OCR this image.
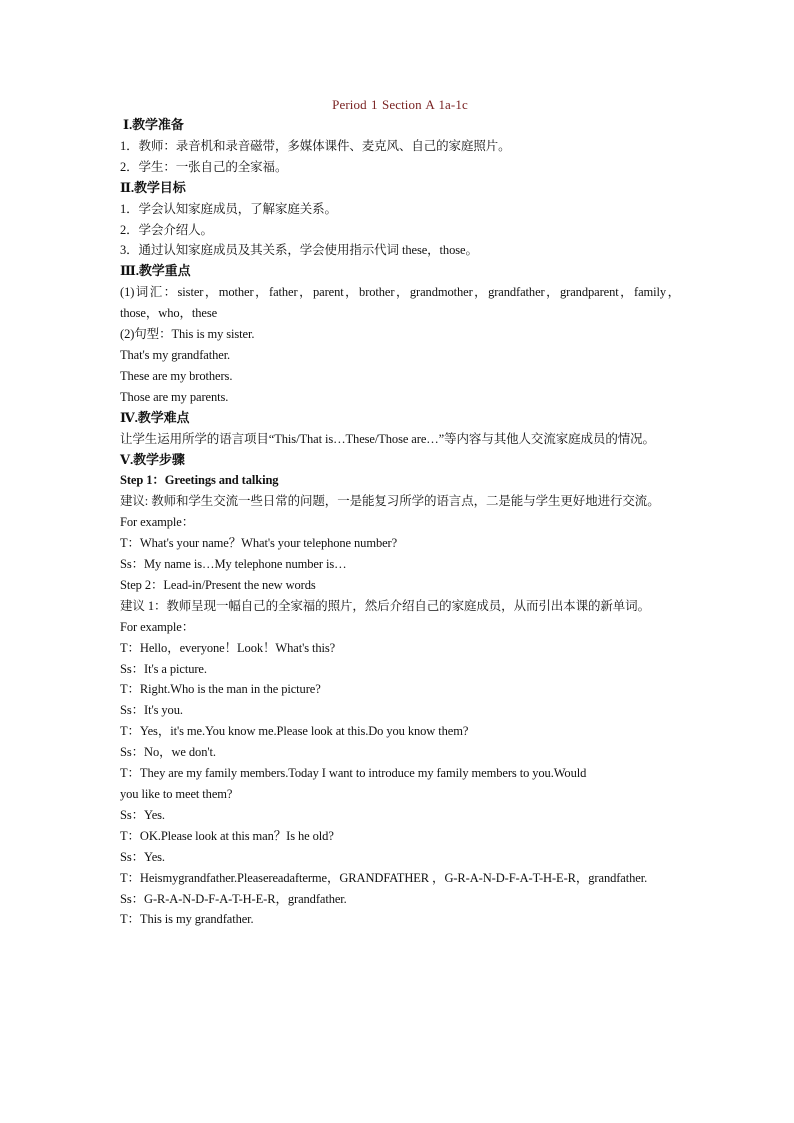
Period 1 Section A 1a-1c
Ⅰ.教学准备
1．教师：录音机和录音磁带，多媒体课件、麦克风、自己的家庭照片。
2．学生：一张自己的全家福。
Ⅱ.教学目标
1．学会认知家庭成员，了解家庭关系。
2．学会介绍人。
3．通过认知家庭成员及其关系，学会使用指示代词 these，those。
Ⅲ.教学重点
(1)词汇：sister，mother，father，parent，brother，grandmother，grandfather，grandparent，family，those，who，these
(2)句型：This is my sister.
That's my grandfather.
These are my brothers.
Those are my parents.
Ⅳ.教学难点
让学生运用所学的语言项目“This/That is…These/Those are…”等内容与其他人交流家庭成员的情况。
Ⅴ.教学步骤
Step 1：Greetings and talking
建议: 教师和学生交流一些日常的问题，一是能复习所学的语言点，二是能与学生更好地进行交流。
For example：
T：What's your name？What's your telephone number?
Ss：My name is…My telephone number is…
Step 2：Lead-in/Present the new words
建议 1：教师呈现一幅自己的全家福的照片，然后介绍自己的家庭成员，从而引出本课的新单词。
For example：
T：Hello，everyone！Look！What's this?
Ss：It's a picture.
T：Right.Who is the man in the picture?
Ss：It's you.
T：Yes，it's me.You know me.Please look at this.Do you know them?
Ss：No，we don't.
T：They are my family members.Today I want to introduce my family members to you.Would you like to meet them?
Ss：Yes.
T：OK.Please look at this man？Is he old?
Ss：Yes.
T：Heismygrandfather.Pleasereadafterme，GRANDFATHER ，G-R-A-N-D-F-A-T-H-E-R，grandfather.
Ss：G-R-A-N-D-F-A-T-H-E-R，grandfather.
T：This is my grandfather.
